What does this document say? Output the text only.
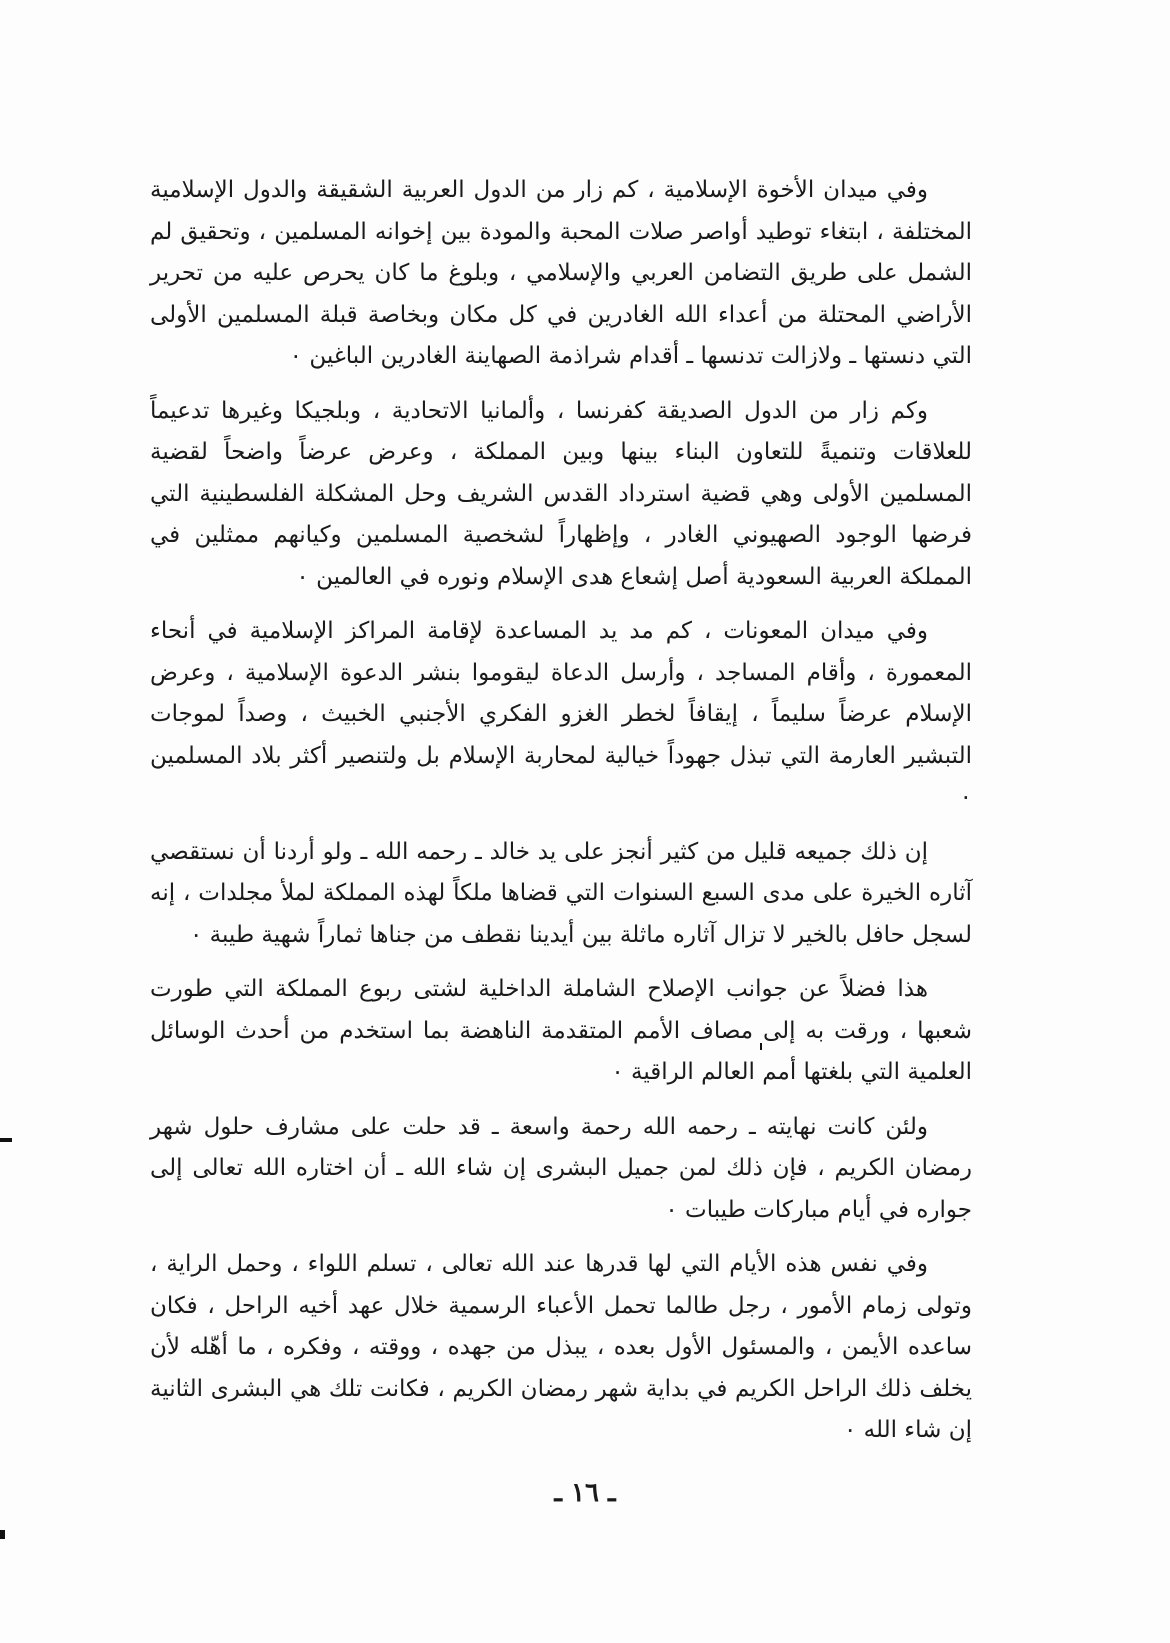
وفي ميدان الأخوة الإسلامية ، كم زار من الدول العربية الشقيقة والدول الإسلامية المختلفة ، ابتغاء توطيد أواصر صلات المحبة والمودة بين إخوانه المسلمين ، وتحقيق لم الشمل على طريق التضامن العربي والإسلامي ، وبلوغ ما كان يحرص عليه من تحرير الأراضي المحتلة من أعداء الله الغادرين في كل مكان وبخاصة قبلة المسلمين الأولى التي دنستها ـ ولازالت تدنسها ـ أقدام شراذمة الصهاينة الغادرين الباغين ٠

وكم زار من الدول الصديقة كفرنسا ، وألمانيا الاتحادية ، وبلجيكا وغيرها تدعيماً للعلاقات وتنميةً للتعاون البناء بينها وبين المملكة ، وعرض عرضاً واضحاً لقضية المسلمين الأولى وهي قضية استرداد القدس الشريف وحل المشكلة الفلسطينية التي فرضها الوجود الصهيوني الغادر ، وإظهاراً لشخصية المسلمين وكيانهم ممثلين في المملكة العربية السعودية أصل إشعاع هدى الإسلام ونوره في العالمين ٠

وفي ميدان المعونات ، كم مد يد المساعدة لإقامة المراكز الإسلامية في أنحاء المعمورة ، وأقام المساجد ، وأرسل الدعاة ليقوموا بنشر الدعوة الإسلامية ، وعرض الإسلام عرضاً سليماً ، إيقافاً لخطر الغزو الفكري الأجنبي الخبيث ، وصداً لموجات التبشير العارمة التي تبذل جهوداً خيالية لمحاربة الإسلام بل ولتنصير أكثر بلاد المسلمين ٠

إن ذلك جميعه قليل من كثير أنجز على يد خالد ـ رحمه الله ـ ولو أردنا أن نستقصي آثاره الخيرة على مدى السبع السنوات التي قضاها ملكاً لهذه المملكة لملأ مجلدات ، إنه لسجل حافل بالخير لا تزال آثاره ماثلة بين أيدينا نقطف من جناها ثماراً شهية طيبة ٠

هذا فضلاً عن جوانب الإصلاح الشاملة الداخلية لشتى ربوع المملكة التي طورت شعبها ، ورقت به إلى مصاف الأمم المتقدمة الناهضة بما استخدم من أحدث الوسائل العلمية التي بلغتها أمم العالم الراقية ٠

ولئن كانت نهايته ـ رحمه الله رحمة واسعة ـ قد حلت على مشارف حلول شهر رمضان الكريم ، فإن ذلك لمن جميل البشرى إن شاء الله ـ أن اختاره الله تعالى إلى جواره في أيام مباركات طيبات ٠

وفي نفس هذه الأيام التي لها قدرها عند الله تعالى ، تسلم اللواء ، وحمل الراية ، وتولى زمام الأمور ، رجل طالما تحمل الأعباء الرسمية خلال عهد أخيه الراحل ، فكان ساعده الأيمن ، والمسئول الأول بعده ، يبذل من جهده ، ووقته ، وفكره ، ما أهّله لأن يخلف ذلك الراحل الكريم في بداية شهر رمضان الكريم ، فكانت تلك هي البشرى الثانية إن شاء الله ٠

ـ ١٦ ـ
